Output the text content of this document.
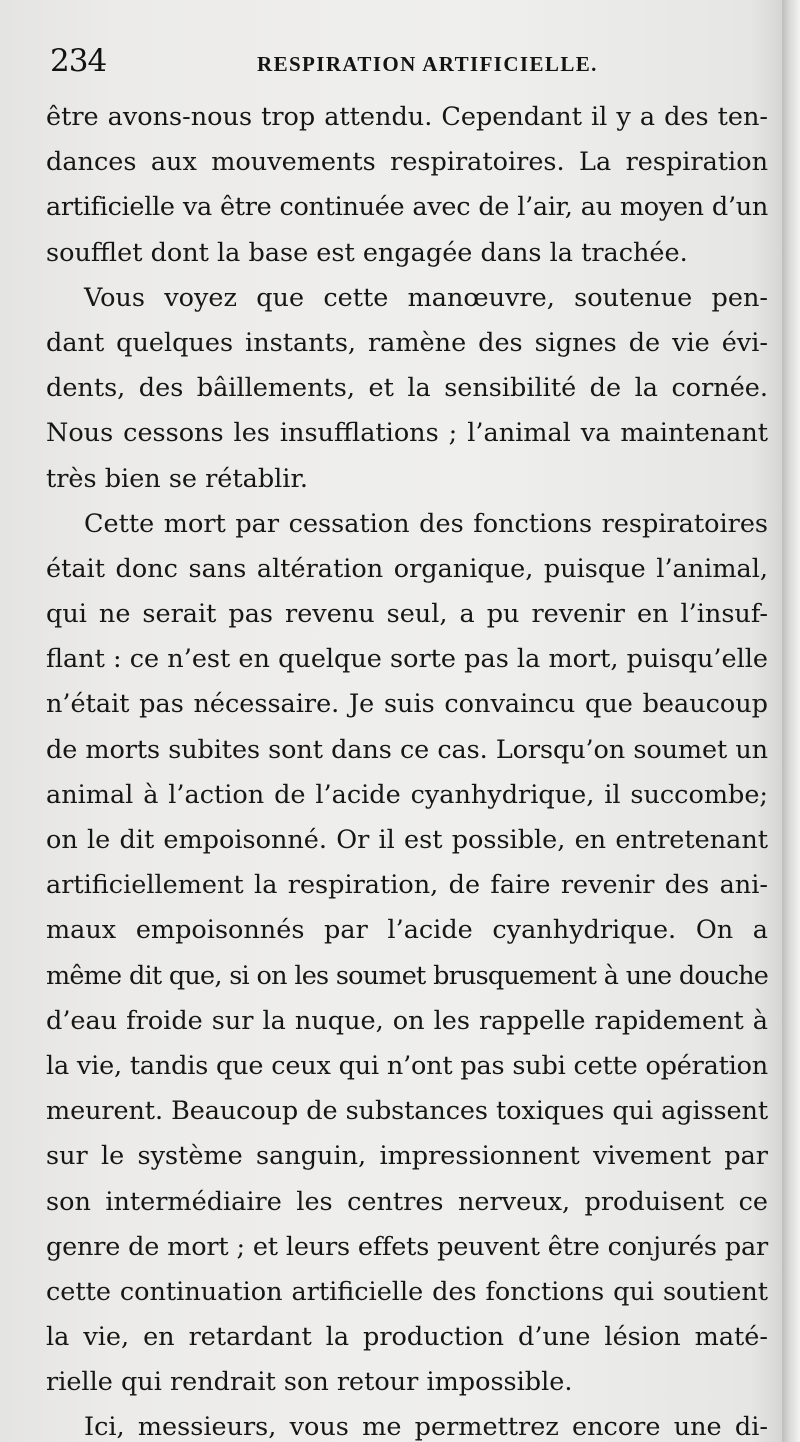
234	RESPIRATION ARTIFICIELLE.
être avons-nous trop attendu. Cependant il y a des ten-
dances aux mouvements respiratoires. La respiration
artificielle va être continuée avec de l’air, au moyen d’un
soufflet dont la base est engagée dans la trachée.
Vous voyez que cette manœuvre, soutenue pen-
dant quelques instants, ramène des signes de vie évi-
dents, des bâillements, et la sensibilité de la cornée.
Nous cessons les insufflations ; l’animal va maintenant
très bien se rétablir.
Cette mort par cessation des fonctions respiratoires
était donc sans altération organique, puisque l’animal,
qui ne serait pas revenu seul, a pu revenir en l’insuf-
flant : ce n’est en quelque sorte pas la mort, puisqu’elle
n’était pas nécessaire. Je suis convaincu que beaucoup
de morts subites sont dans ce cas. Lorsqu’on soumet un
animal à l’action de l’acide cyanhydrique, il succombe;
on le dit empoisonné. Or il est possible, en entretenant
artificiellement la respiration, de faire revenir des ani-
maux empoisonnés par l’acide cyanhydrique. On a
même dit que, si on les soumet brusquement à une douche
d’eau froide sur la nuque, on les rappelle rapidement à
la vie, tandis que ceux qui n’ont pas subi cette opération
meurent. Beaucoup de substances toxiques qui agissent
sur le système sanguin, impressionnent vivement par
son intermédiaire les centres nerveux, produisent ce
genre de mort ; et leurs effets peuvent être conjurés par
cette continuation artificielle des fonctions qui soutient
la vie, en retardant la production d’une lésion maté-
rielle qui rendrait son retour impossible.
Ici, messieurs, vous me permettrez encore une di-
